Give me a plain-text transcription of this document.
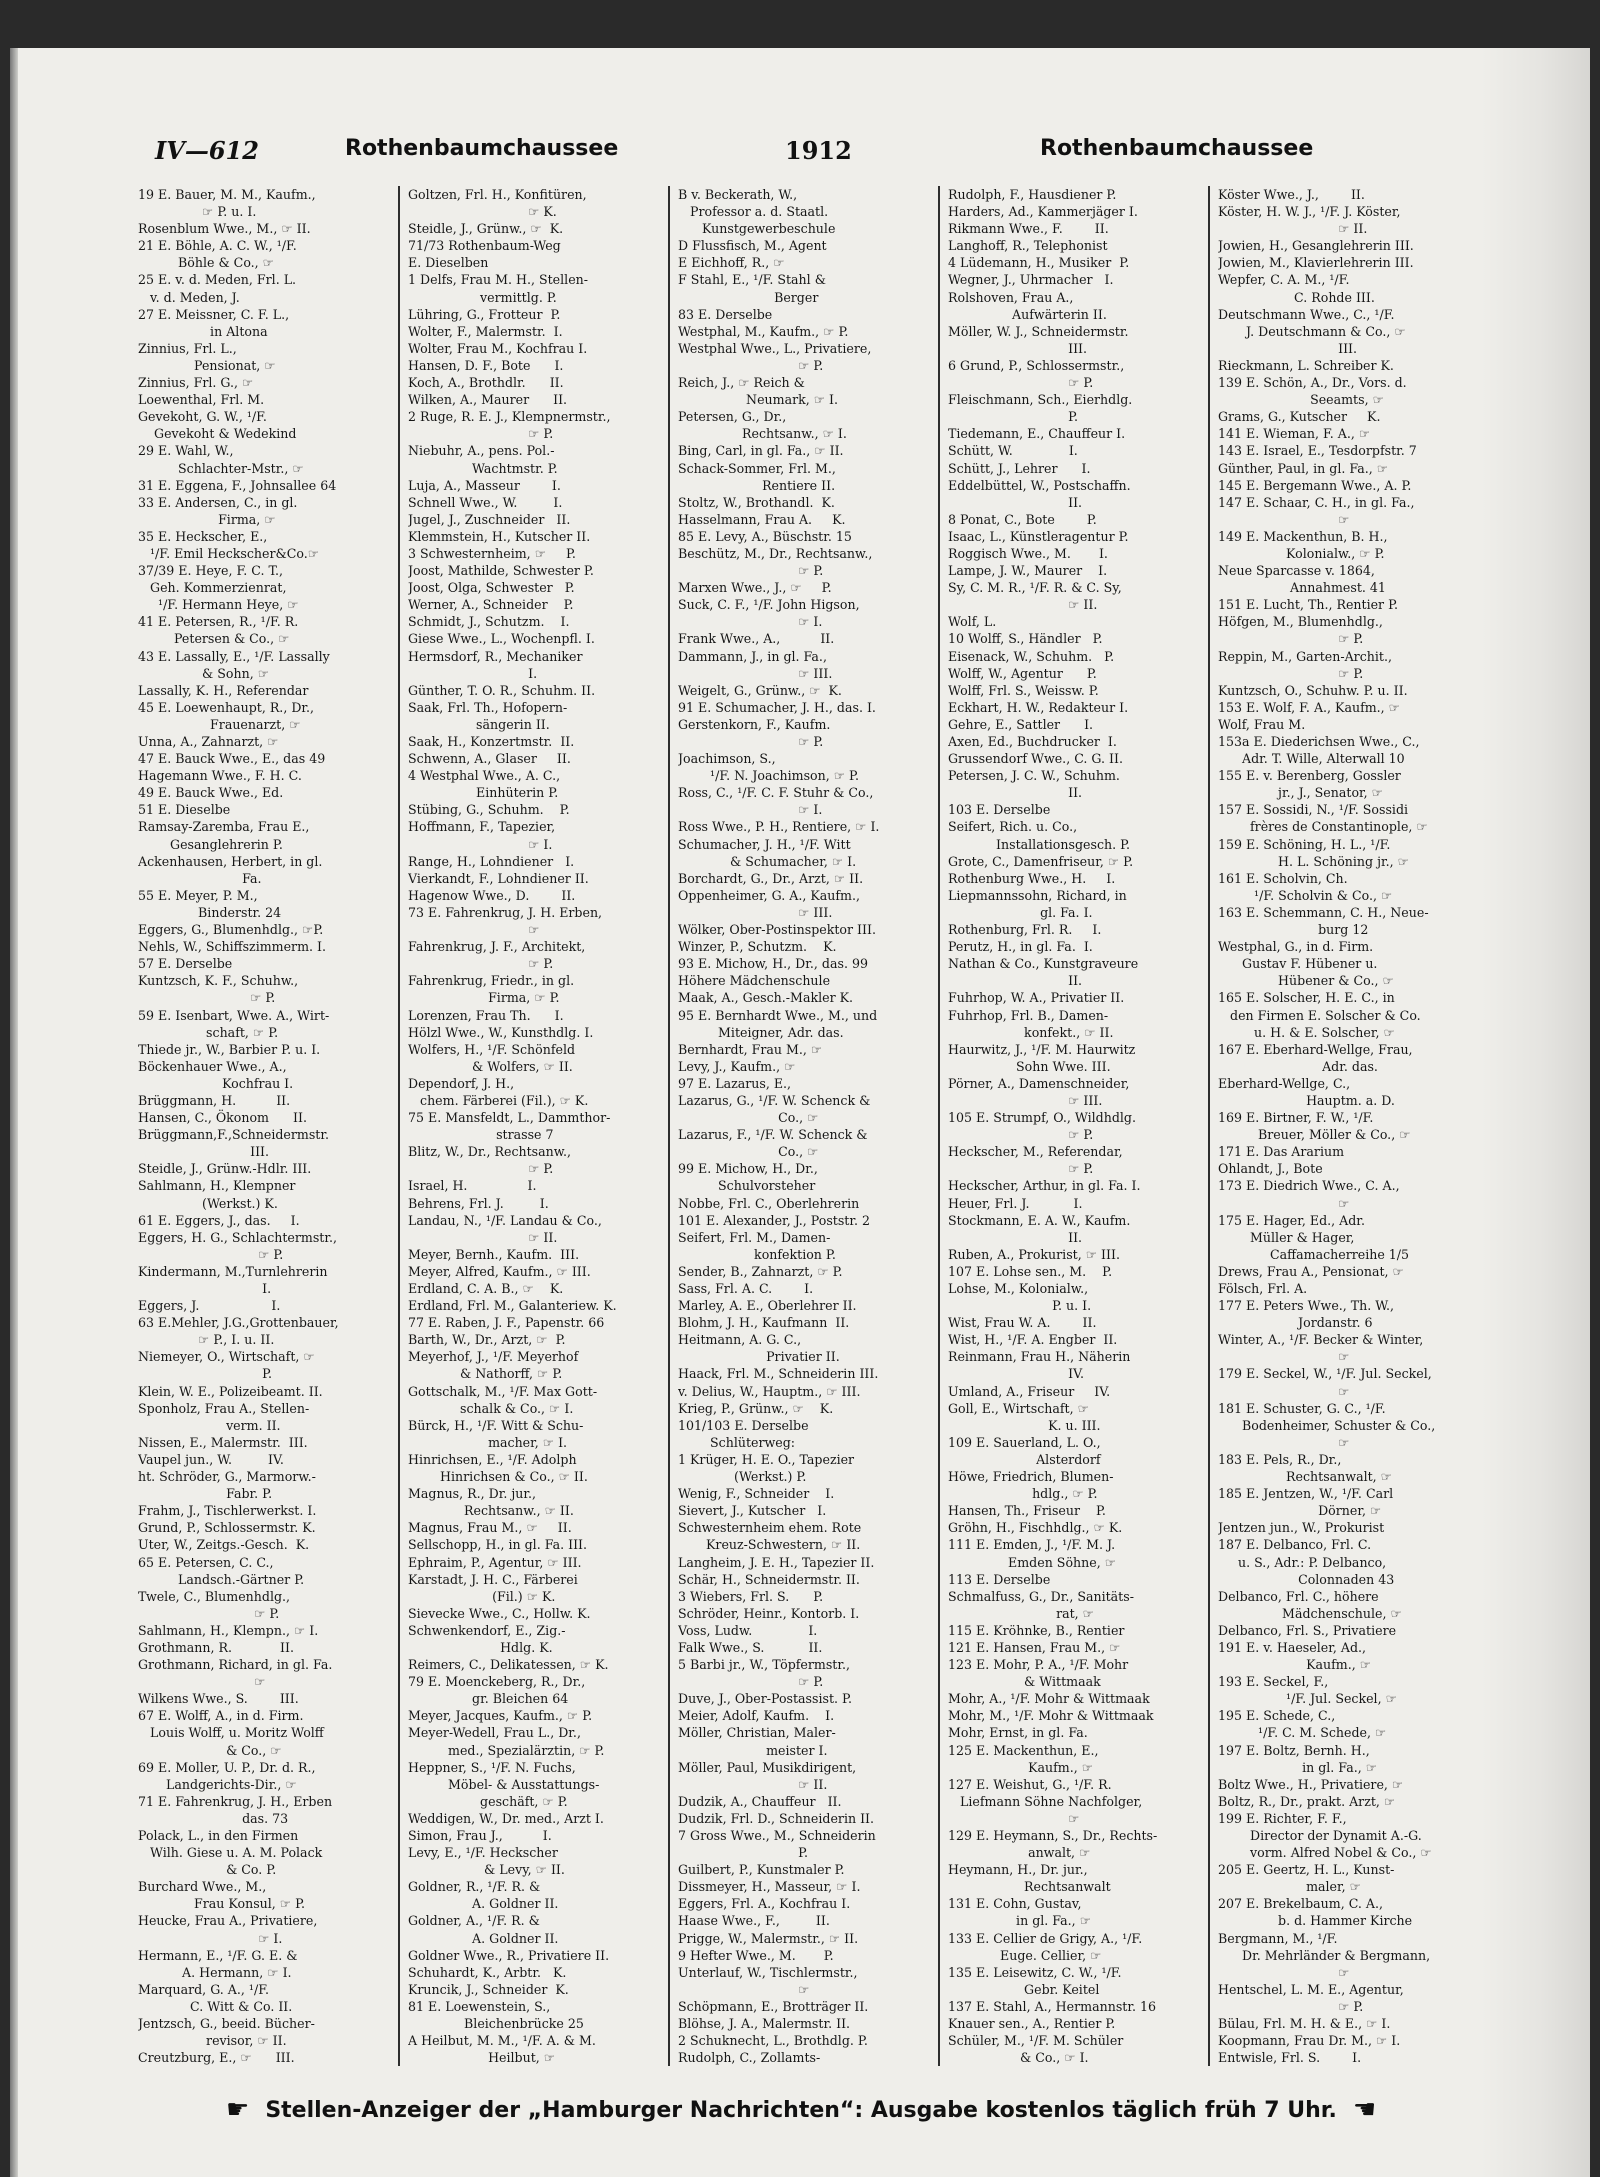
IV—612	Rothenbaumchaussee	1912	Rothenbaumchaussee
19 E. Bauer, M. M., Kaufm.,
☞ P. u. I.
Rosenblum Wwe., M., ☞ II.
21 E. Böhle, A. C. W., ¹/F.
Böhle & Co., ☞
25 E. v. d. Meden, Frl. L.
v. d. Meden, J.
27 E. Meissner, C. F. L.,
in Altona
Zinnius, Frl. L.,
Pensionat, ☞
Zinnius, Frl. G., ☞
Loewenthal, Frl. M.
Gevekoht, G. W., ¹/F.
Gevekoht & Wedekind
29 E. Wahl, W.,
Schlachter-Mstr., ☞
31 E. Eggena, F., Johnsallee 64
33 E. Andersen, C., in gl.
Firma, ☞
35 E. Heckscher, E.,
¹/F. Emil Heckscher&Co.☞
37/39 E. Heye, F. C. T.,
Geh. Kommerzienrat,
¹/F. Hermann Heye, ☞
41 E. Petersen, R., ¹/F. R.
Petersen & Co., ☞
43 E. Lassally, E., ¹/F. Lassally
& Sohn, ☞
Lassally, K. H., Referendar
45 E. Loewenhaupt, R., Dr.,
Frauenarzt, ☞
Unna, A., Zahnarzt, ☞
47 E. Bauck Wwe., E., das 49
Hagemann Wwe., F. H. C.
49 E. Bauck Wwe., Ed.
51 E. Dieselbe
Ramsay-Zaremba, Frau E.,
Gesanglehrerin P.
Ackenhausen, Herbert, in gl.
Fa.
55 E. Meyer, P. M.,
Binderstr. 24
Eggers, G., Blumenhdlg., ☞P.
Nehls, W., Schiffszimmerm. I.
57 E. Derselbe
Kuntzsch, K. F., Schuhw.,
☞ P.
59 E. Isenbart, Wwe. A., Wirt-
schaft, ☞ P.
Thiede jr., W., Barbier P. u. I.
Böckenhauer Wwe., A.,
Kochfrau I.
Brüggmann, H.          II.
Hansen, C., Ökonom      II.
Brüggmann,F.,Schneidermstr.
III.
Steidle, J., Grünw.-Hdlr. III.
Sahlmann, H., Klempner
(Werkst.) K.
61 E. Eggers, J., das.     I.
Eggers, H. G., Schlachtermstr.,
☞ P.
Kindermann, M.,Turnlehrerin
I.
Eggers, J.                  I.
63 E.Mehler, J.G.,Grottenbauer,
☞ P., I. u. II.
Niemeyer, O., Wirtschaft, ☞
P.
Klein, W. E., Polizeibeamt. II.
Sponholz, Frau A., Stellen-
verm. II.
Nissen, E., Malermstr.  III.
Vaupel jun., W.         IV.
ht. Schröder, G., Marmorw.-
Fabr. P.
Frahm, J., Tischlerwerkst. I.
Grund, P., Schlossermstr. K.
Uter, W., Zeitgs.-Gesch.  K.
65 E. Petersen, C. C.,
Landsch.-Gärtner P.
Twele, C., Blumenhdlg.,
☞ P.
Sahlmann, H., Klempn., ☞ I.
Grothmann, R.            II.
Grothmann, Richard, in gl. Fa.
☞
Wilkens Wwe., S.        III.
67 E. Wolff, A., in d. Firm.
Louis Wolff, u. Moritz Wolff
& Co., ☞
69 E. Moller, U. P., Dr. d. R.,
Landgerichts-Dir., ☞
71 E. Fahrenkrug, J. H., Erben
das. 73
Polack, L., in den Firmen
Wilh. Giese u. A. M. Polack
& Co. P.
Burchard Wwe., M.,
Frau Konsul, ☞ P.
Heucke, Frau A., Privatiere,
☞ I.
Hermann, E., ¹/F. G. E. &
A. Hermann, ☞ I.
Marquard, G. A., ¹/F.
C. Witt & Co. II.
Jentzsch, G., beeid. Bücher-
revisor, ☞ II.
Creutzburg, E., ☞      III.
Goltzen, Frl. H., Konfitüren,
☞ K.
Steidle, J., Grünw., ☞  K.
71/73 Rothenbaum-Weg
E. Dieselben
1 Delfs, Frau M. H., Stellen-
vermittlg. P.
Lühring, G., Frotteur  P.
Wolter, F., Malermstr.  I.
Wolter, Frau M., Kochfrau I.
Hansen, D. F., Bote      I.
Koch, A., Brothdlr.      II.
Wilken, A., Maurer      II.
2 Ruge, R. E. J., Klempnermstr.,
☞ P.
Niebuhr, A., pens. Pol.-
Wachtmstr. P.
Luja, A., Masseur        I.
Schnell Wwe., W.         I.
Jugel, J., Zuschneider   II.
Klemmstein, H., Kutscher II.
3 Schwesternheim, ☞     P.
Joost, Mathilde, Schwester P.
Joost, Olga, Schwester   P.
Werner, A., Schneider    P.
Schmidt, J., Schutzm.    I.
Giese Wwe., L., Wochenpfl. I.
Hermsdorf, R., Mechaniker
I.
Günther, T. O. R., Schuhm. II.
Saak, Frl. Th., Hofopern-
sängerin II.
Saak, H., Konzertmstr.  II.
Schwenn, A., Glaser     II.
4 Westphal Wwe., A. C.,
Einhüterin P.
Stübing, G., Schuhm.    P.
Hoffmann, F., Tapezier,
☞ I.
Range, H., Lohndiener   I.
Vierkandt, F., Lohndiener II.
Hagenow Wwe., D.        II.
73 E. Fahrenkrug, J. H. Erben,
☞
Fahrenkrug, J. F., Architekt,
☞ P.
Fahrenkrug, Friedr., in gl.
Firma, ☞ P.
Lorenzen, Frau Th.      I.
Hölzl Wwe., W., Kunsthdlg. I.
Wolfers, H., ¹/F. Schönfeld
& Wolfers, ☞ II.
Dependorf, J. H.,
chem. Färberei (Fil.), ☞ K.
75 E. Mansfeldt, L., Dammthor-
strasse 7
Blitz, W., Dr., Rechtsanw.,
☞ P.
Israel, H.               I.
Behrens, Frl. J.         I.
Landau, N., ¹/F. Landau & Co.,
☞ II.
Meyer, Bernh., Kaufm.  III.
Meyer, Alfred, Kaufm., ☞ III.
Erdland, C. A. B., ☞    K.
Erdland, Frl. M., Galanteriew. K.
77 E. Raben, J. F., Papenstr. 66
Barth, W., Dr., Arzt, ☞  P.
Meyerhof, J., ¹/F. Meyerhof
& Nathorff, ☞ P.
Gottschalk, M., ¹/F. Max Gott-
schalk & Co., ☞ I.
Bürck, H., ¹/F. Witt & Schu-
macher, ☞ I.
Hinrichsen, E., ¹/F. Adolph
Hinrichsen & Co., ☞ II.
Magnus, R., Dr. jur.,
Rechtsanw., ☞ II.
Magnus, Frau M., ☞     II.
Sellschopp, H., in gl. Fa. III.
Ephraim, P., Agentur, ☞ III.
Karstadt, J. H. C., Färberei
(Fil.) ☞ K.
Sievecke Wwe., C., Hollw. K.
Schwenkendorf, E., Zig.-
Hdlg. K.
Reimers, C., Delikatessen, ☞ K.
79 E. Moenckeberg, R., Dr.,
gr. Bleichen 64
Meyer, Jacques, Kaufm., ☞ P.
Meyer-Wedell, Frau L., Dr.,
med., Spezialärztin, ☞ P.
Heppner, S., ¹/F. N. Fuchs,
Möbel- & Ausstattungs-
geschäft, ☞ P.
Weddigen, W., Dr. med., Arzt I.
Simon, Frau J.,          I.
Levy, E., ¹/F. Heckscher
& Levy, ☞ II.
Goldner, R., ¹/F. R. &
A. Goldner II.
Goldner, A., ¹/F. R. &
A. Goldner II.
Goldner Wwe., R., Privatiere II.
Schuhardt, K., Arbtr.   K.
Kruncik, J., Schneider  K.
81 E. Loewenstein, S.,
Bleichenbrücke 25
A Heilbut, M. M., ¹/F. A. & M.
Heilbut, ☞
B v. Beckerath, W.,
Professor a. d. Staatl.
Kunstgewerbeschule
D Flussfisch, M., Agent
E Eichhoff, R., ☞
F Stahl, E., ¹/F. Stahl &
Berger
83 E. Derselbe
Westphal, M., Kaufm., ☞ P.
Westphal Wwe., L., Privatiere,
☞ P.
Reich, J., ☞ Reich &
Neumark, ☞ I.
Petersen, G., Dr.,
Rechtsanw., ☞ I.
Bing, Carl, in gl. Fa., ☞ II.
Schack-Sommer, Frl. M.,
Rentiere II.
Stoltz, W., Brothandl.  K.
Hasselmann, Frau A.     K.
85 E. Levy, A., Büschstr. 15
Beschütz, M., Dr., Rechtsanw.,
☞ P.
Marxen Wwe., J., ☞     P.
Suck, C. F., ¹/F. John Higson,
☞ I.
Frank Wwe., A.,          II.
Dammann, J., in gl. Fa.,
☞ III.
Weigelt, G., Grünw., ☞  K.
91 E. Schumacher, J. H., das. I.
Gerstenkorn, F., Kaufm.
☞ P.
Joachimson, S.,
¹/F. N. Joachimson, ☞ P.
Ross, C., ¹/F. C. F. Stuhr & Co.,
☞ I.
Ross Wwe., P. H., Rentiere, ☞ I.
Schumacher, J. H., ¹/F. Witt
& Schumacher, ☞ I.
Borchardt, G., Dr., Arzt, ☞ II.
Oppenheimer, G. A., Kaufm.,
☞ III.
Wölker, Ober-Postinspektor III.
Winzer, P., Schutzm.    K.
93 E. Michow, H., Dr., das. 99
Höhere Mädchenschule
Maak, A., Gesch.-Makler K.
95 E. Bernhardt Wwe., M., und
Miteigner, Adr. das.
Bernhardt, Frau M., ☞
Levy, J., Kaufm., ☞
97 E. Lazarus, E.,
Lazarus, G., ¹/F. W. Schenck &
Co., ☞
Lazarus, F., ¹/F. W. Schenck &
Co., ☞
99 E. Michow, H., Dr.,
Schulvorsteher
Nobbe, Frl. C., Oberlehrerin
101 E. Alexander, J., Poststr. 2
Seifert, Frl. M., Damen-
konfektion P.
Sender, B., Zahnarzt, ☞ P.
Sass, Frl. A. C.        I.
Marley, A. E., Oberlehrer II.
Blohm, J. H., Kaufmann  II.
Heitmann, A. G. C.,
Privatier II.
Haack, Frl. M., Schneiderin III.
v. Delius, W., Hauptm., ☞ III.
Krieg, P., Grünw., ☞    K.
101/103 E. Derselbe
Schlüterweg:
1 Krüger, H. E. O., Tapezier
(Werkst.) P.
Wenig, F., Schneider    I.
Sievert, J., Kutscher   I.
Schwesternheim ehem. Rote
Kreuz-Schwestern, ☞ II.
Langheim, J. E. H., Tapezier II.
Schär, H., Schneidermstr. II.
3 Wiebers, Frl. S.      P.
Schröder, Heinr., Kontorb. I.
Voss, Ludw.              I.
Falk Wwe., S.           II.
5 Barbi jr., W., Töpfermstr.,
☞ P.
Duve, J., Ober-Postassist. P.
Meier, Adolf, Kaufm.    I.
Möller, Christian, Maler-
meister I.
Möller, Paul, Musikdirigent,
☞ II.
Dudzik, A., Chauffeur   II.
Dudzik, Frl. D., Schneiderin II.
7 Gross Wwe., M., Schneiderin
P.
Guilbert, P., Kunstmaler P.
Dissmeyer, H., Masseur, ☞ I.
Eggers, Frl. A., Kochfrau I.
Haase Wwe., F.,         II.
Prigge, W., Malermstr., ☞ II.
9 Hefter Wwe., M.       P.
Unterlauf, W., Tischlermstr.,
☞
Schöpmann, E., Brotträger II.
Blöhse, J. A., Malermstr. II.
2 Schuknecht, L., Brothdlg. P.
Rudolph, C., Zollamts-
Rudolph, F., Hausdiener P.
Harders, Ad., Kammerjäger I.
Rikmann Wwe., F.        II.
Langhoff, R., Telephonist
4 Lüdemann, H., Musiker  P.
Wegner, J., Uhrmacher   I.
Rolshoven, Frau A.,
Aufwärterin II.
Möller, W. J., Schneidermstr.
III.
6 Grund, P., Schlossermstr.,
☞ P.
Fleischmann, Sch., Eierhdlg.
P.
Tiedemann, E., Chauffeur I.
Schütt, W.              I.
Schütt, J., Lehrer      I.
Eddelbüttel, W., Postschaffn.
II.
8 Ponat, C., Bote        P.
Isaac, L., Künstleragentur P.
Roggisch Wwe., M.       I.
Lampe, J. W., Maurer    I.
Sy, C. M. R., ¹/F. R. & C. Sy,
☞ II.
Wolf, L.
10 Wolff, S., Händler   P.
Eisenack, W., Schuhm.   P.
Wolff, W., Agentur      P.
Wolff, Frl. S., Weissw. P.
Eckhart, H. W., Redakteur I.
Gehre, E., Sattler      I.
Axen, Ed., Buchdrucker  I.
Grussendorf Wwe., C. G. II.
Petersen, J. C. W., Schuhm.
II.
103 E. Derselbe
Seifert, Rich. u. Co.,
Installationsgesch. P.
Grote, C., Damenfriseur, ☞ P.
Rothenburg Wwe., H.     I.
Liepmannssohn, Richard, in
gl. Fa. I.
Rothenburg, Frl. R.     I.
Perutz, H., in gl. Fa.  I.
Nathan & Co., Kunstgraveure
II.
Fuhrhop, W. A., Privatier II.
Fuhrhop, Frl. B., Damen-
konfekt., ☞ II.
Haurwitz, J., ¹/F. M. Haurwitz
Sohn Wwe. III.
Pörner, A., Damenschneider,
☞ III.
105 E. Strumpf, O., Wildhdlg.
☞ P.
Heckscher, M., Referendar,
☞ P.
Heckscher, Arthur, in gl. Fa. I.
Heuer, Frl. J.           I.
Stockmann, E. A. W., Kaufm.
II.
Ruben, A., Prokurist, ☞ III.
107 E. Lohse sen., M.    P.
Lohse, M., Kolonialw.,
P. u. I.
Wist, Frau W. A.        II.
Wist, H., ¹/F. A. Engber  II.
Reinmann, Frau H., Näherin
IV.
Umland, A., Friseur     IV.
Goll, E., Wirtschaft, ☞
K. u. III.
109 E. Sauerland, L. O.,
Alsterdorf
Höwe, Friedrich, Blumen-
hdlg., ☞ P.
Hansen, Th., Friseur    P.
Gröhn, H., Fischhdlg., ☞ K.
111 E. Emden, J., ¹/F. M. J.
Emden Söhne, ☞
113 E. Derselbe
Schmalfuss, G., Dr., Sanitäts-
rat, ☞
115 E. Kröhnke, B., Rentier
121 E. Hansen, Frau M., ☞
123 E. Mohr, P. A., ¹/F. Mohr
& Wittmaak
Mohr, A., ¹/F. Mohr & Wittmaak
Mohr, M., ¹/F. Mohr & Wittmaak
Mohr, Ernst, in gl. Fa.
125 E. Mackenthun, E.,
Kaufm., ☞
127 E. Weishut, G., ¹/F. R.
Liefmann Söhne Nachfolger,
☞
129 E. Heymann, S., Dr., Rechts-
anwalt, ☞
Heymann, H., Dr. jur.,
Rechtsanwalt
131 E. Cohn, Gustav,
in gl. Fa., ☞
133 E. Cellier de Grigy, A., ¹/F.
Euge. Cellier, ☞
135 E. Leisewitz, C. W., ¹/F.
Gebr. Keitel
137 E. Stahl, A., Hermannstr. 16
Knauer sen., A., Rentier P.
Schüler, M., ¹/F. M. Schüler
& Co., ☞ I.
Köster Wwe., J.,        II.
Köster, H. W. J., ¹/F. J. Köster,
☞ II.
Jowien, H., Gesanglehrerin III.
Jowien, M., Klavierlehrerin III.
Wepfer, C. A. M., ¹/F.
C. Rohde III.
Deutschmann Wwe., C., ¹/F.
J. Deutschmann & Co., ☞
III.
Rieckmann, L. Schreiber K.
139 E. Schön, A., Dr., Vors. d.
Seeamts, ☞
Grams, G., Kutscher     K.
141 E. Wieman, F. A., ☞
143 E. Israel, E., Tesdorpfstr. 7
Günther, Paul, in gl. Fa., ☞
145 E. Bergemann Wwe., A. P.
147 E. Schaar, C. H., in gl. Fa.,
☞
149 E. Mackenthun, B. H.,
Kolonialw., ☞ P.
Neue Sparcasse v. 1864,
Annahmest. 41
151 E. Lucht, Th., Rentier P.
Höfgen, M., Blumenhdlg.,
☞ P.
Reppin, M., Garten-Archit.,
☞ P.
Kuntzsch, O., Schuhw. P. u. II.
153 E. Wolf, F. A., Kaufm., ☞
Wolf, Frau M.
153a E. Diederichsen Wwe., C.,
Adr. T. Wille, Alterwall 10
155 E. v. Berenberg, Gossler
jr., J., Senator, ☞
157 E. Sossidi, N., ¹/F. Sossidi
frères de Constantinople, ☞
159 E. Schöning, H. L., ¹/F.
H. L. Schöning jr., ☞
161 E. Scholvin, Ch.
¹/F. Scholvin & Co., ☞
163 E. Schemmann, C. H., Neue-
burg 12
Westphal, G., in d. Firm.
Gustav F. Hübener u.
Hübener & Co., ☞
165 E. Solscher, H. E. C., in
den Firmen E. Solscher & Co.
u. H. & E. Solscher, ☞
167 E. Eberhard-Wellge, Frau,
Adr. das.
Eberhard-Wellge, C.,
Hauptm. a. D.
169 E. Birtner, F. W., ¹/F.
Breuer, Möller & Co., ☞
171 E. Das Ararium
Ohlandt, J., Bote
173 E. Diedrich Wwe., C. A.,
☞
175 E. Hager, Ed., Adr.
Müller & Hager,
Caffamacherreihe 1/5
Drews, Frau A., Pensionat, ☞
Fölsch, Frl. A.
177 E. Peters Wwe., Th. W.,
Jordanstr. 6
Winter, A., ¹/F. Becker & Winter,
☞
179 E. Seckel, W., ¹/F. Jul. Seckel,
☞
181 E. Schuster, G. C., ¹/F.
Bodenheimer, Schuster & Co.,
☞
183 E. Pels, R., Dr.,
Rechtsanwalt, ☞
185 E. Jentzen, W., ¹/F. Carl
Dörner, ☞
Jentzen jun., W., Prokurist
187 E. Delbanco, Frl. C.
u. S., Adr.: P. Delbanco,
Colonnaden 43
Delbanco, Frl. C., höhere
Mädchenschule, ☞
Delbanco, Frl. S., Privatiere
191 E. v. Haeseler, Ad.,
Kaufm., ☞
193 E. Seckel, F.,
¹/F. Jul. Seckel, ☞
195 E. Schede, C.,
¹/F. C. M. Schede, ☞
197 E. Boltz, Bernh. H.,
in gl. Fa., ☞
Boltz Wwe., H., Privatiere, ☞
Boltz, R., Dr., prakt. Arzt, ☞
199 E. Richter, F. F.,
Director der Dynamit A.-G.
vorm. Alfred Nobel & Co., ☞
205 E. Geertz, H. L., Kunst-
maler, ☞
207 E. Brekelbaum, C. A.,
b. d. Hammer Kirche
Bergmann, M., ¹/F.
Dr. Mehrländer & Bergmann,
☞
Hentschel, L. M. E., Agentur,
☞ P.
Bülau, Frl. M. H. & E., ☞ I.
Koopmann, Frau Dr. M., ☞ I.
Entwisle, Frl. S.        I.
☛ Stellen-Anzeiger der „Hamburger Nachrichten“: Ausgabe kostenlos täglich früh 7 Uhr. ☚
